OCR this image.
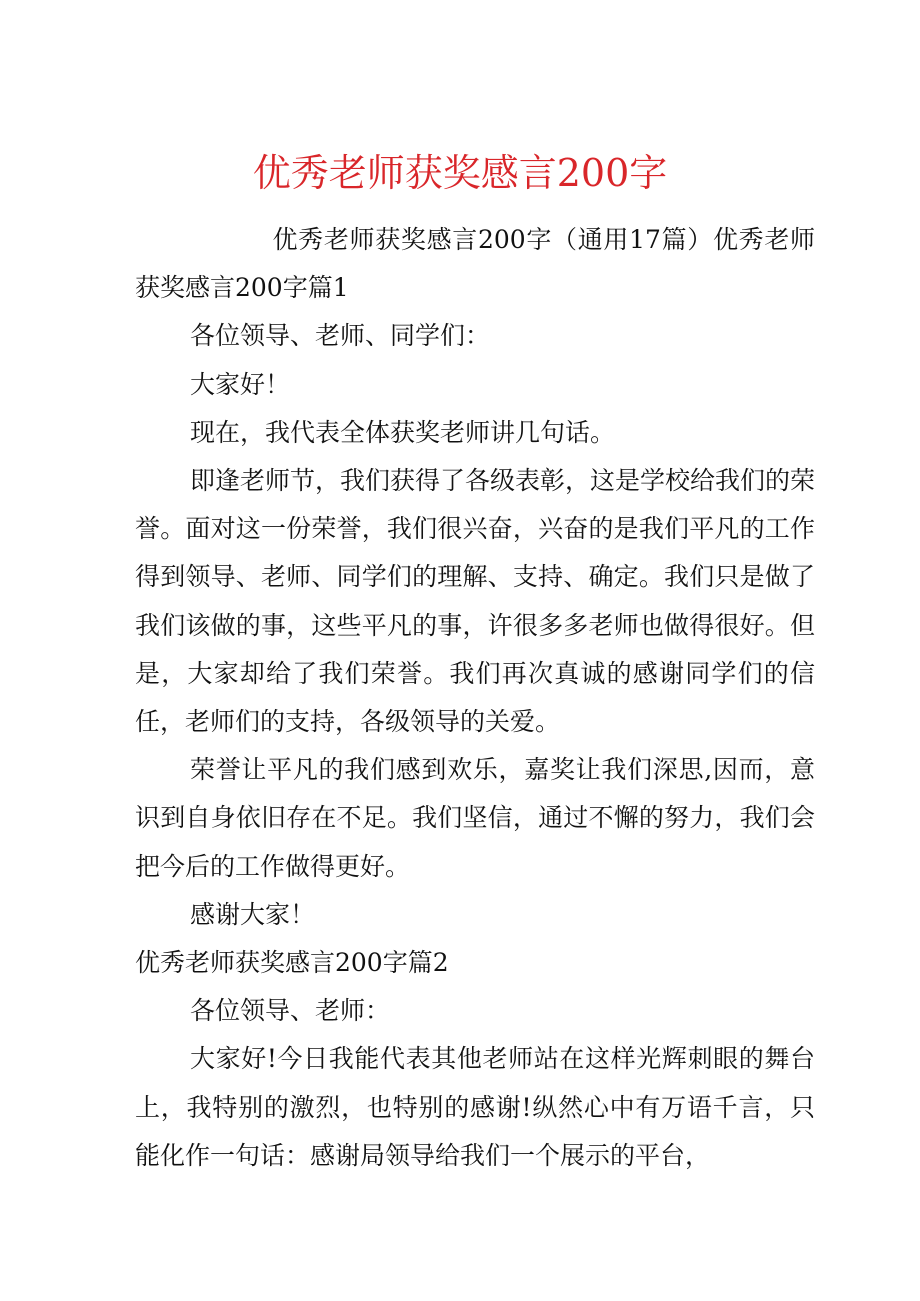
优秀老师获奖感言200字

优秀老师获奖感言200字（通用17篇）优秀老师获奖感言200字篇1

各位领导、老师、同学们：

大家好！

现在，我代表全体获奖老师讲几句话。

即逢老师节，我们获得了各级表彰，这是学校给我们的荣誉。面对这一份荣誉，我们很兴奋，兴奋的是我们平凡的工作得到领导、老师、同学们的理解、支持、确定。我们只是做了我们该做的事，这些平凡的事，许很多多老师也做得很好。但是，大家却给了我们荣誉。我们再次真诚的感谢同学们的信任，老师们的支持，各级领导的关爱。

荣誉让平凡的我们感到欢乐，嘉奖让我们深思,因而，意识到自身依旧存在不足。我们坚信，通过不懈的努力，我们会把今后的工作做得更好。

感谢大家！

优秀老师获奖感言200字篇2

各位领导、老师：

大家好!今日我能代表其他老师站在这样光辉刺眼的舞台上，我特别的激烈，也特别的感谢!纵然心中有万语千言，只能化作一句话：感谢局领导给我们一个展示的平台，
